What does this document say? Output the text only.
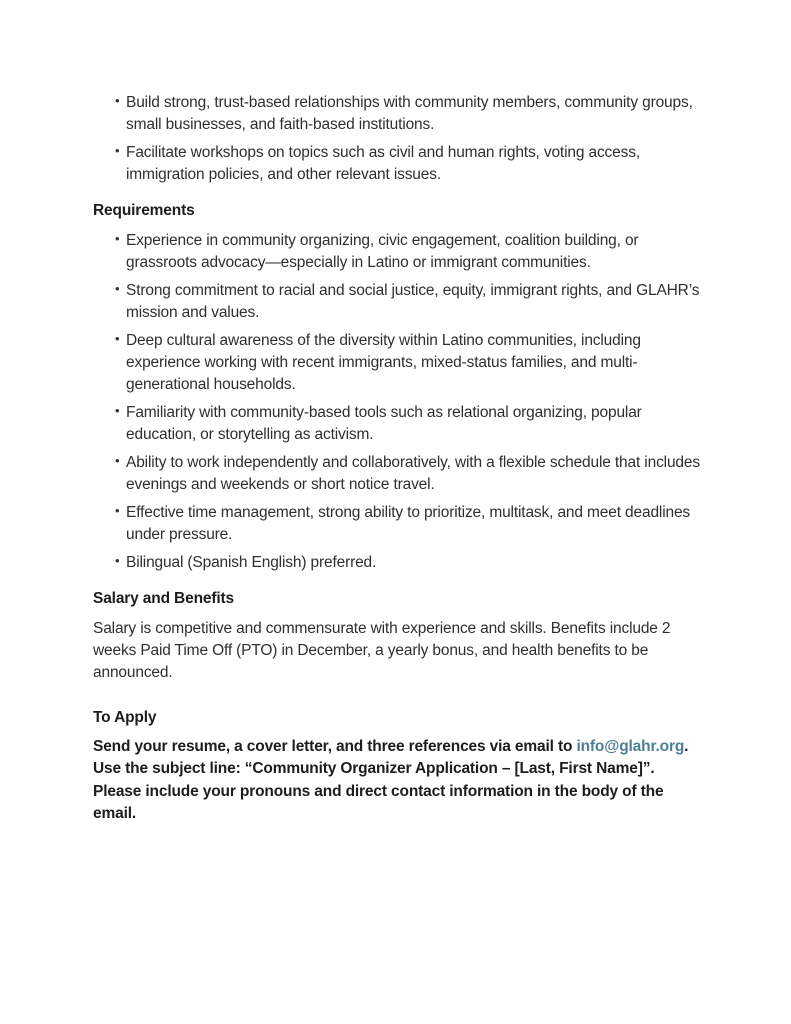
• Build strong, trust-based relationships with community members, community groups, small businesses, and faith-based institutions.
• Facilitate workshops on topics such as civil and human rights, voting access, immigration policies, and other relevant issues.
Requirements
• Experience in community organizing, civic engagement, coalition building, or grassroots advocacy—especially in Latino or immigrant communities.
• Strong commitment to racial and social justice, equity, immigrant rights, and GLAHR’s mission and values.
• Deep cultural awareness of the diversity within Latino communities, including experience working with recent immigrants, mixed-status families, and multi-generational households.
• Familiarity with community-based tools such as relational organizing, popular education, or storytelling as activism.
• Ability to work independently and collaboratively, with a flexible schedule that includes evenings and weekends or short notice travel.
• Effective time management, strong ability to prioritize, multitask, and meet deadlines under pressure.
• Bilingual (Spanish English) preferred.
Salary and Benefits

Salary is competitive and commensurate with experience and skills. Benefits include 2 weeks Paid Time Off (PTO) in December, a yearly bonus, and health benefits to be announced.

To Apply

Send your resume, a cover letter, and three references via email to info@glahr.org. Use the subject line: “Community Organizer Application – [Last, First Name]”. Please include your pronouns and direct contact information in the body of the email.
